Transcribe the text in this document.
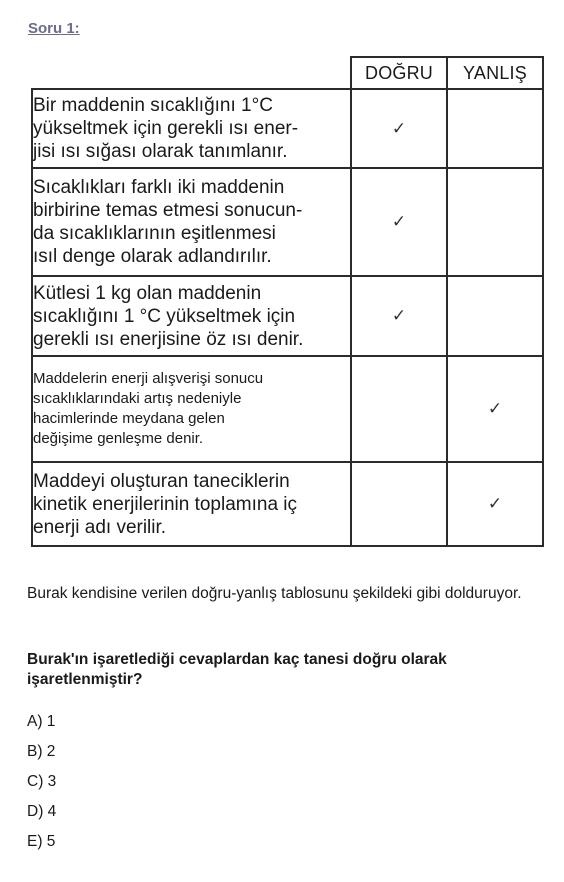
Soru 1:
	DOĞRU	YANLIŞ

Bir maddenin sıcaklığını 1°C
yükseltmek için gerekli ısı ener-
jisi ısı sığası olarak tanımlanır.	✓	

Sıcaklıkları farklı iki maddenin
birbirine temas etmesi sonucun-
da sıcaklıklarının eşitlenmesi
ısıl denge olarak adlandırılır.	✓	

Kütlesi 1 kg olan maddenin
sıcaklığını 1 °C yükseltmek için
gerekli ısı enerjisine öz ısı denir.	✓	

Maddelerin enerji alışverişi sonucu
sıcaklıklarındaki artış nedeniyle
hacimlerinde meydana gelen
değişime genleşme denir.		✓

Maddeyi oluşturan taneciklerin
kinetik enerjilerinin toplamına iç
enerji adı verilir.		✓
Burak kendisine verilen doğru-yanlış tablosunu şekildeki gibi dolduruyor.
Burak'ın işaretlediği cevaplardan kaç tanesi doğru olarak işaretlenmiştir?
A) 1
B) 2
C) 3
D) 4
E) 5
